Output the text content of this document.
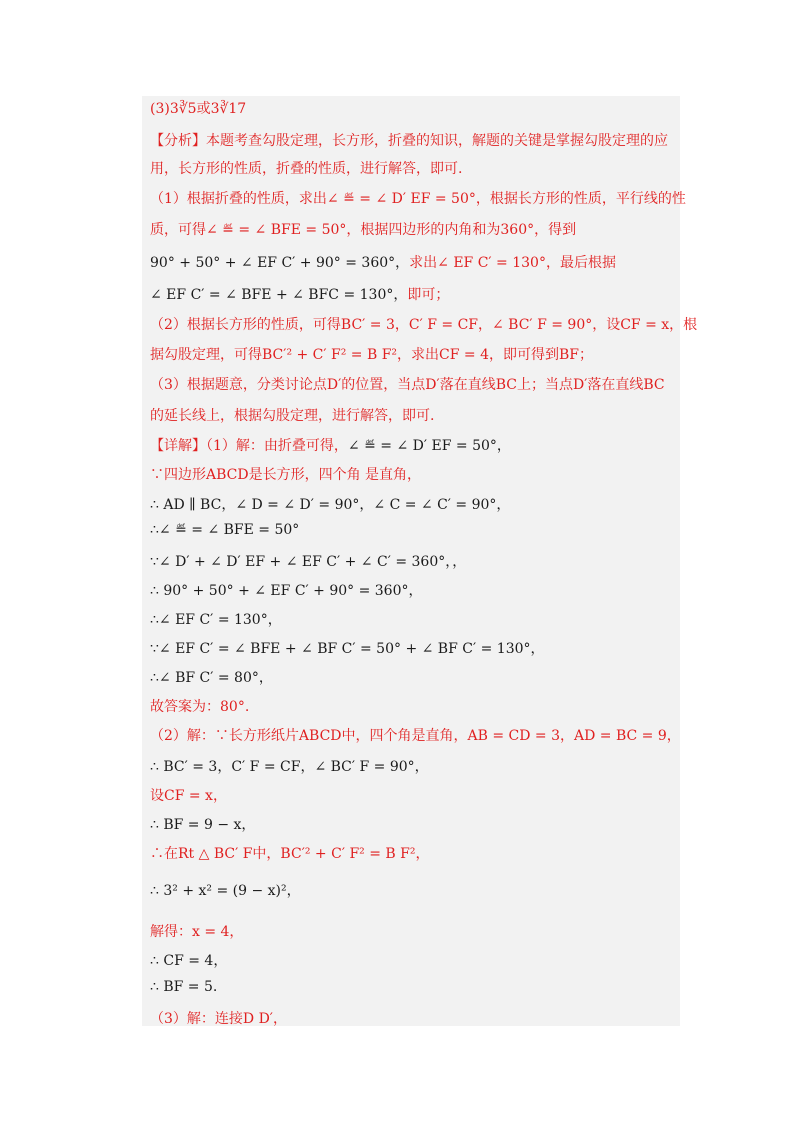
(3)3∛5或3∛17
【分析】本题考查勾股定理，长方形，折叠的知识，解题的关键是掌握勾股定理的应
用，长方形的性质，折叠的性质，进行解答，即可.
（1）根据折叠的性质，求出∠ ≝ = ∠ D′ EF = 50°，根据长方形的性质，平行线的性
质，可得∠ ≝ = ∠ BFE = 50°，根据四边形的内角和为360°，得到
90° + 50° + ∠ EF C′ + 90° = 360°，求出∠ EF C′ = 130°，最后根据
∠ EF C′ = ∠ BFE + ∠ BFC = 130°，即可；
（2）根据长方形的性质，可得BC′ = 3，C′ F = CF，∠ BC′ F = 90°，设CF = x，根
据勾股定理，可得BC′² + C′ F² = B F²，求出CF = 4，即可得到BF；
（3）根据题意，分类讨论点D′的位置，当点D′落在直线BC上；当点D′落在直线BC
的延长线上，根据勾股定理，进行解答，即可.
【详解】（1）解：由折叠可得，∠ ≝ = ∠ D′ EF = 50°，
∵四边形ABCD是长方形，四个角 是直角，
∴ AD ∥ BC，∠ D = ∠ D′ = 90°，∠ C = ∠ C′ = 90°，
∴∠ ≝ = ∠ BFE = 50°
∵∠ D′ + ∠ D′ EF + ∠ EF C′ + ∠ C′ = 360°，，
∴ 90° + 50° + ∠ EF C′ + 90° = 360°，
∴∠ EF C′ = 130°，
∵∠ EF C′ = ∠ BFE + ∠ BF C′ = 50° + ∠ BF C′ = 130°，
∴∠ BF C′ = 80°，
故答案为：80°.
（2）解：∵长方形纸片ABCD中，四个角是直角，AB = CD = 3，AD = BC = 9，
∴ BC′ = 3，C′ F = CF，∠ BC′ F = 90°，
设CF = x，
∴ BF = 9 − x，
∴在Rt △ BC′ F中，BC′² + C′ F² = B F²，
∴ 3² + x² = (9 − x)²，
解得：x = 4，
∴ CF = 4，
∴ BF = 5.
（3）解：连接D D′，
